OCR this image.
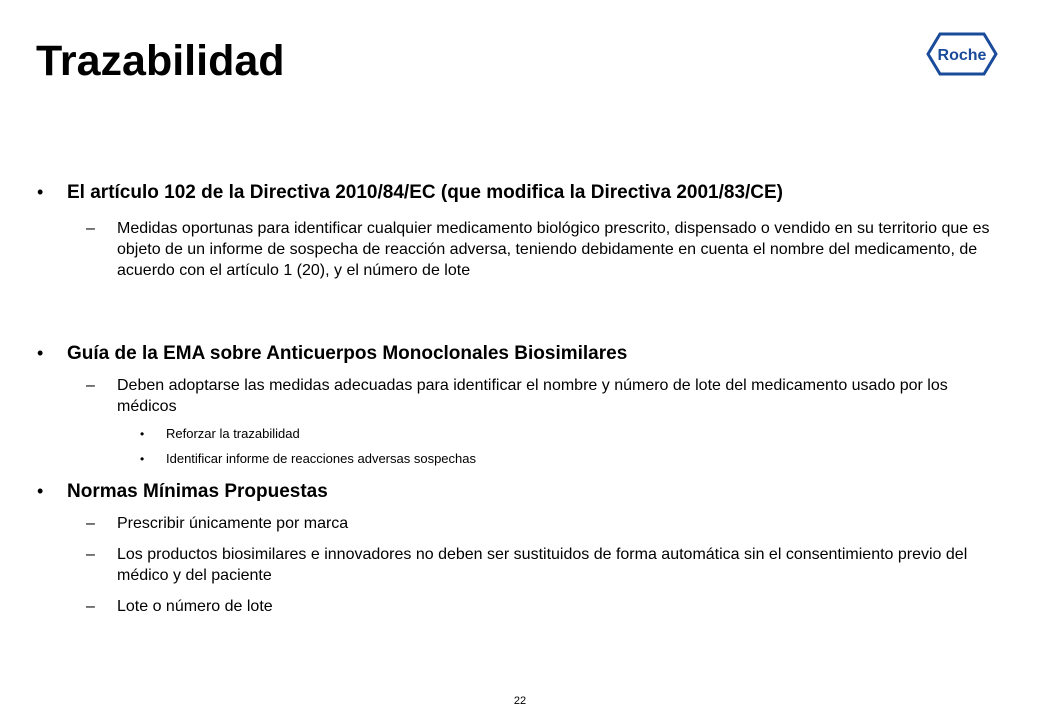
Trazabilidad	Roche
• El artículo 102 de la Directiva 2010/84/EC (que modifica la Directiva 2001/83/CE)
– Medidas oportunas para identificar cualquier medicamento biológico prescrito, dispensado o vendido en su territorio que es objeto de un informe de sospecha de reacción adversa, teniendo debidamente en cuenta el nombre del medicamento, de acuerdo con el artículo 1 (20), y el número de lote
• Guía de la EMA sobre Anticuerpos Monoclonales Biosimilares
– Deben adoptarse las medidas adecuadas para identificar el nombre y número de lote del medicamento usado por los médicos
• Reforzar la trazabilidad
• Identificar informe de reacciones adversas sospechas
• Normas Mínimas Propuestas
– Prescribir únicamente por marca
– Los productos biosimilares e innovadores no deben ser sustituidos de forma automática sin el consentimiento previo del médico y del paciente
– Lote o número de lote
22
